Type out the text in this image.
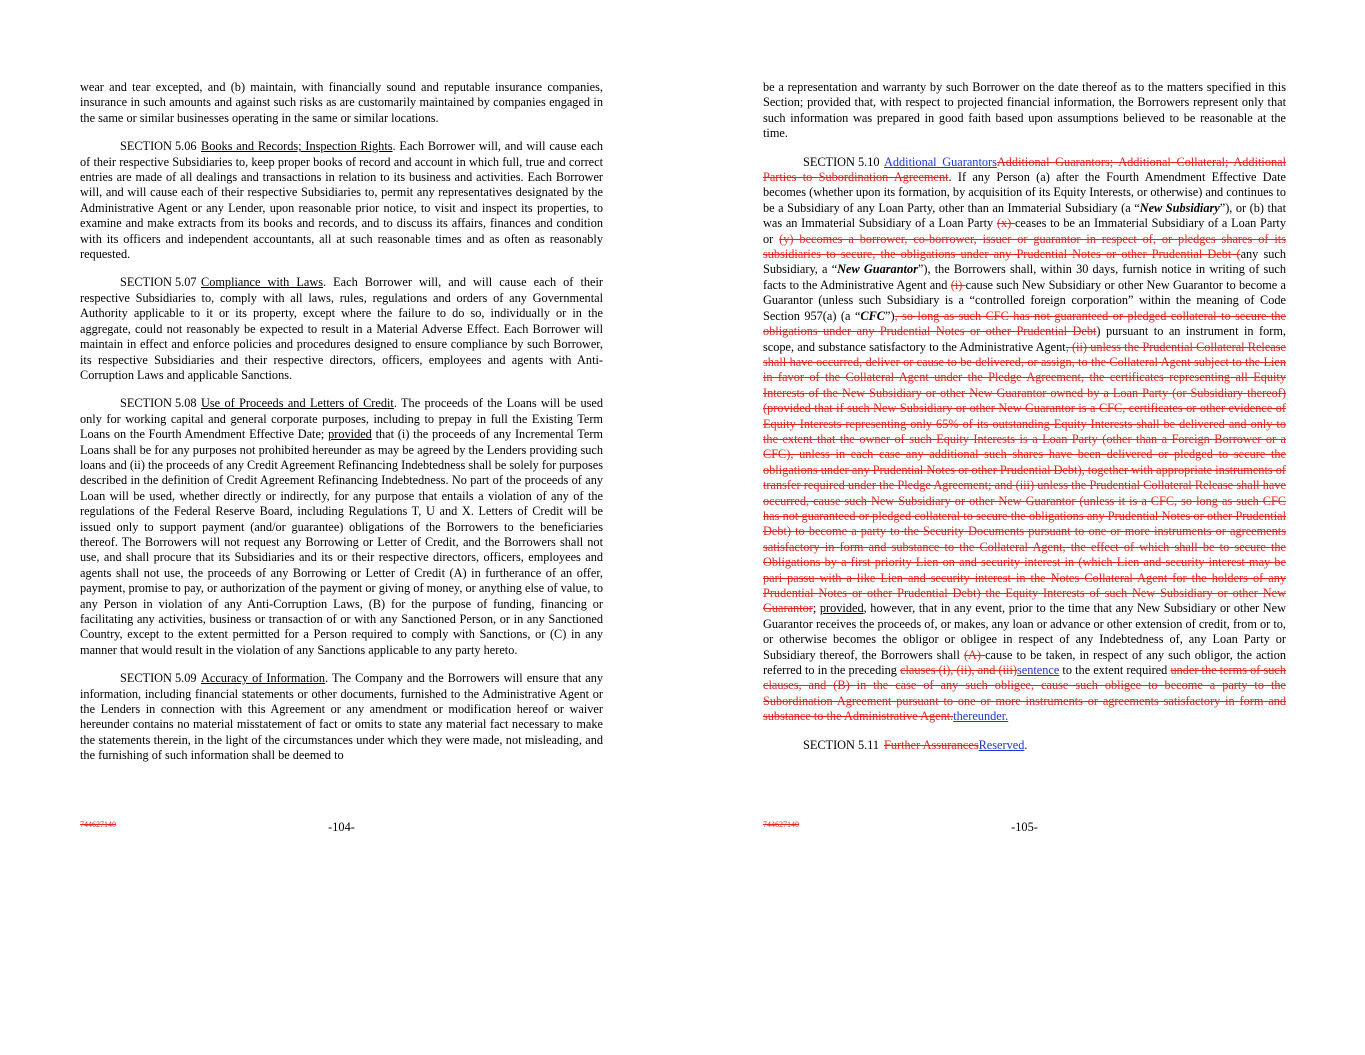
wear and tear excepted, and (b) maintain, with financially sound and reputable insurance companies, insurance in such amounts and against such risks as are customarily maintained by companies engaged in the same or similar businesses operating in the same or similar locations.

SECTION 5.06 Books and Records; Inspection Rights. Each Borrower will, and will cause each of their respective Subsidiaries to, keep proper books of record and account in which full, true and correct entries are made of all dealings and transactions in relation to its business and activities. Each Borrower will, and will cause each of their respective Subsidiaries to, permit any representatives designated by the Administrative Agent or any Lender, upon reasonable prior notice, to visit and inspect its properties, to examine and make extracts from its books and records, and to discuss its affairs, finances and condition with its officers and independent accountants, all at such reasonable times and as often as reasonably requested.

SECTION 5.07 Compliance with Laws. Each Borrower will, and will cause each of their respective Subsidiaries to, comply with all laws, rules, regulations and orders of any Governmental Authority applicable to it or its property, except where the failure to do so, individually or in the aggregate, could not reasonably be expected to result in a Material Adverse Effect. Each Borrower will maintain in effect and enforce policies and procedures designed to ensure compliance by such Borrower, its respective Subsidiaries and their respective directors, officers, employees and agents with Anti-Corruption Laws and applicable Sanctions.

SECTION 5.08 Use of Proceeds and Letters of Credit. The proceeds of the Loans will be used only for working capital and general corporate purposes, including to prepay in full the Existing Term Loans on the Fourth Amendment Effective Date; provided that (i) the proceeds of any Incremental Term Loans shall be for any purposes not prohibited hereunder as may be agreed by the Lenders providing such loans and (ii) the proceeds of any Credit Agreement Refinancing Indebtedness shall be solely for purposes described in the definition of Credit Agreement Refinancing Indebtedness. No part of the proceeds of any Loan will be used, whether directly or indirectly, for any purpose that entails a violation of any of the regulations of the Federal Reserve Board, including Regulations T, U and X. Letters of Credit will be issued only to support payment (and/or guarantee) obligations of the Borrowers to the beneficiaries thereof. The Borrowers will not request any Borrowing or Letter of Credit, and the Borrowers shall not use, and shall procure that its Subsidiaries and its or their respective directors, officers, employees and agents shall not use, the proceeds of any Borrowing or Letter of Credit (A) in furtherance of an offer, payment, promise to pay, or authorization of the payment or giving of money, or anything else of value, to any Person in violation of any Anti-Corruption Laws, (B) for the purpose of funding, financing or facilitating any activities, business or transaction of or with any Sanctioned Person, or in any Sanctioned Country, except to the extent permitted for a Person required to comply with Sanctions, or (C) in any manner that would result in the violation of any Sanctions applicable to any party hereto.

SECTION 5.09 Accuracy of Information. The Company and the Borrowers will ensure that any information, including financial statements or other documents, furnished to the Administrative Agent or the Lenders in connection with this Agreement or any amendment or modification hereof or waiver hereunder contains no material misstatement of fact or omits to state any material fact necessary to make the statements therein, in the light of the circumstances under which they were made, not misleading, and the furnishing of such information shall be deemed to

744627140	-104-

be a representation and warranty by such Borrower on the date thereof as to the matters specified in this Section; provided that, with respect to projected financial information, the Borrowers represent only that such information was prepared in good faith based upon assumptions believed to be reasonable at the time.

SECTION 5.10 Additional GuarantorsAdditional Guarantors; Additional Collateral; Additional Parties to Subordination Agreement. If any Person (a) after the Fourth Amendment Effective Date becomes (whether upon its formation, by acquisition of its Equity Interests, or otherwise) and continues to be a Subsidiary of any Loan Party, other than an Immaterial Subsidiary (a “New Subsidiary”), or (b) that was an Immaterial Subsidiary of a Loan Party (x) ceases to be an Immaterial Subsidiary of a Loan Party or (y) becomes a borrower, co-borrower, issuer or guarantor in respect of, or pledges shares of its subsidiaries to secure, the obligations under any Prudential Notes or other Prudential Debt (any such Subsidiary, a “New Guarantor”), the Borrowers shall, within 30 days, furnish notice in writing of such facts to the Administrative Agent and (i) cause such New Subsidiary or other New Guarantor to become a Guarantor (unless such Subsidiary is a “controlled foreign corporation” within the meaning of Code Section 957(a) (a “CFC”), so long as such CFC has not guaranteed or pledged collateral to secure the obligations under any Prudential Notes or other Prudential Debt) pursuant to an instrument in form, scope, and substance satisfactory to the Administrative Agent, (ii) unless the Prudential Collateral Release shall have occurred, deliver or cause to be delivered, or assign, to the Collateral Agent subject to the Lien in favor of the Collateral Agent under the Pledge Agreement, the certificates representing all Equity Interests of the New Subsidiary or other New Guarantor owned by a Loan Party (or Subsidiary thereof) (provided that if such New Subsidiary or other New Guarantor is a CFC, certificates or other evidence of Equity Interests representing only 65% of its outstanding Equity Interests shall be delivered and only to the extent that the owner of such Equity Interests is a Loan Party (other than a Foreign Borrower or a CFC), unless in each case any additional such shares have been delivered or pledged to secure the obligations under any Prudential Notes or other Prudential Debt), together with appropriate instruments of transfer required under the Pledge Agreement; and (iii) unless the Prudential Collateral Release shall have occurred, cause such New Subsidiary or other New Guarantor (unless it is a CFC, so long as such CFC has not guaranteed or pledged collateral to secure the obligations any Prudential Notes or other Prudential Debt) to become a party to the Security Documents pursuant to one or more instruments or agreements satisfactory in form and substance to the Collateral Agent, the effect of which shall be to secure the Obligations by a first priority Lien on and security interest in (which Lien and security interest may be pari passu with a like Lien and security interest in the Notes Collateral Agent for the holders of any Prudential Notes or other Prudential Debt) the Equity Interests of such New Subsidiary or other New Guarantor; provided, however, that in any event, prior to the time that any New Subsidiary or other New Guarantor receives the proceeds of, or makes, any loan or advance or other extension of credit, from or to, or otherwise becomes the obligor or obligee in respect of any Indebtedness of, any Loan Party or Subsidiary thereof, the Borrowers shall (A) cause to be taken, in respect of any such obligor, the action referred to in the preceding clauses (i), (ii), and (iii)sentence to the extent required under the terms of such clauses, and (B) in the case of any such obligee, cause such obligee to become a party to the Subordination Agreement pursuant to one or more instruments or agreements satisfactory in form and substance to the Administrative Agent.thereunder.

SECTION 5.11 Further AssurancesReserved.

744627140	-105-
